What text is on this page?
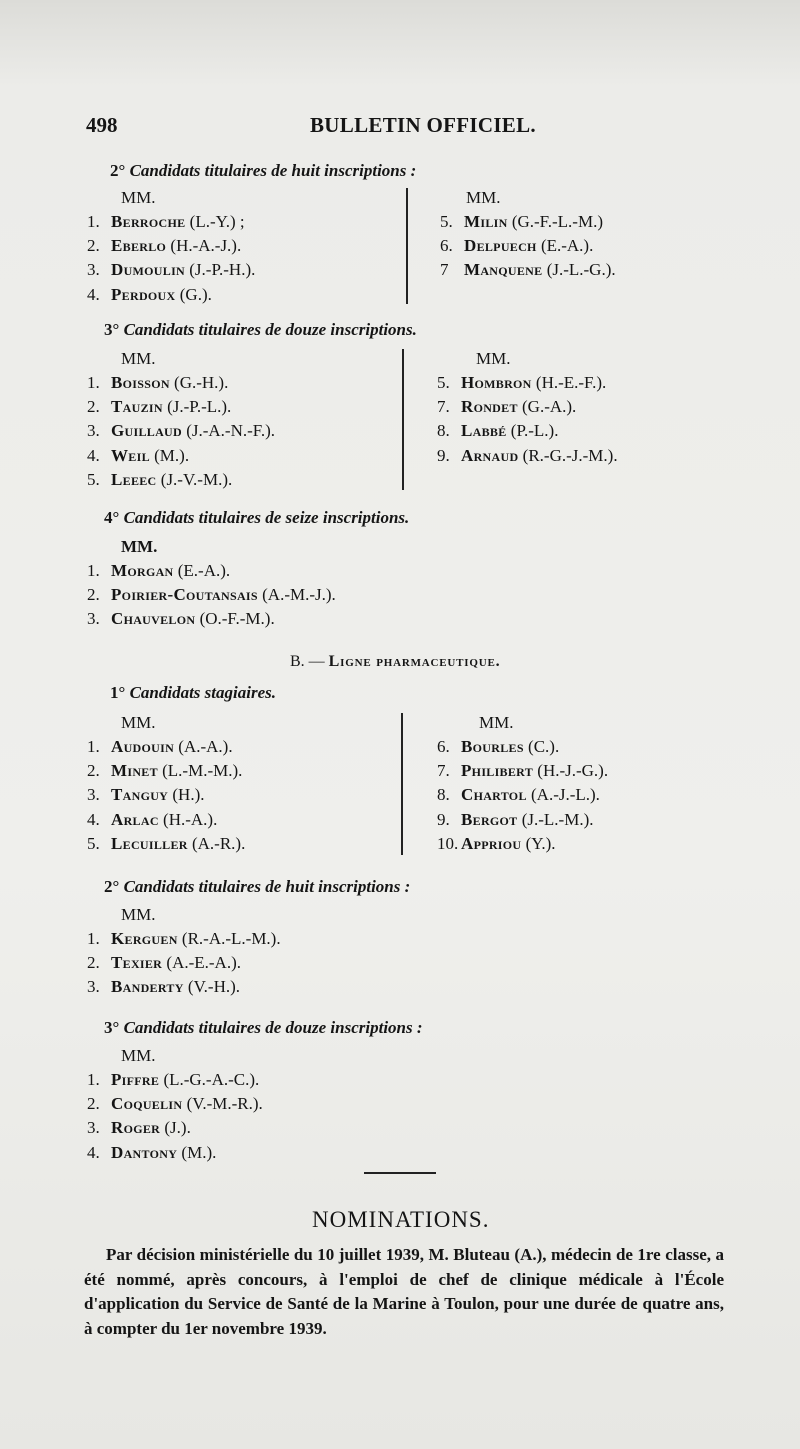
498	BULLETIN OFFICIEL.
2° Candidats titulaires de huit inscriptions :
MM.	MM.
1. Berroche (L.-Y.) ;
2. Eberlo (H.-A.-J.).
3. Dumoulin (J.-P.-H.).
4. Perdoux (G.).
5. Milin (G.-F.-L.-M.)
6. Delpuech (E.-A.).
7 Manquene (J.-L.-G.).
3° Candidats titulaires de douze inscriptions.
MM.	MM.
1. Boisson (G.-H.).
2. Tauzin (J.-P.-L.).
3. Guillaud (J.-A.-N.-F.).
4. Weil (M.).
5. Leeec (J.-V.-M.).
5. Hombron (H.-E.-F.).
7. Rondet (G.-A.).
8. Labbé (P.-L.).
9. Arnaud (R.-G.-J.-M.).
4° Candidats titulaires de seize inscriptions.
MM.
1. Morgan (E.-A.).
2. Poirier-Coutansais (A.-M.-J.).
3. Chauvelon (O.-F.-M.).
B. — Ligne pharmaceutique.
1° Candidats stagiaires.
MM.	MM.
1. Audouin (A.-A.).
2. Minet (L.-M.-M.).
3. Tanguy (H.).
4. Arlac (H.-A.).
5. Lecuiller (A.-R.).
6. Bourles (C.).
7. Philibert (H.-J.-G.).
8. Chartol (A.-J.-L.).
9. Bergot (J.-L.-M.).
10. Appriou (Y.).
2° Candidats titulaires de huit inscriptions :
MM.
1. Kerguen (R.-A.-L.-M.).
2. Texier (A.-E.-A.).
3. Banderty (V.-H.).
3° Candidats titulaires de douze inscriptions :
MM.
1. Piffre (L.-G.-A.-C.).
2. Coquelin (V.-M.-R.).
3. Roger (J.).
4. Dantony (M.).
NOMINATIONS.
Par décision ministérielle du 10 juillet 1939, M. Bluteau (A.), médecin de 1re classe, a été nommé, après concours, à l'emploi de chef de clinique médicale à l'École d'application du Service de Santé de la Marine à Toulon, pour une durée de quatre ans, à compter du 1er novembre 1939.
